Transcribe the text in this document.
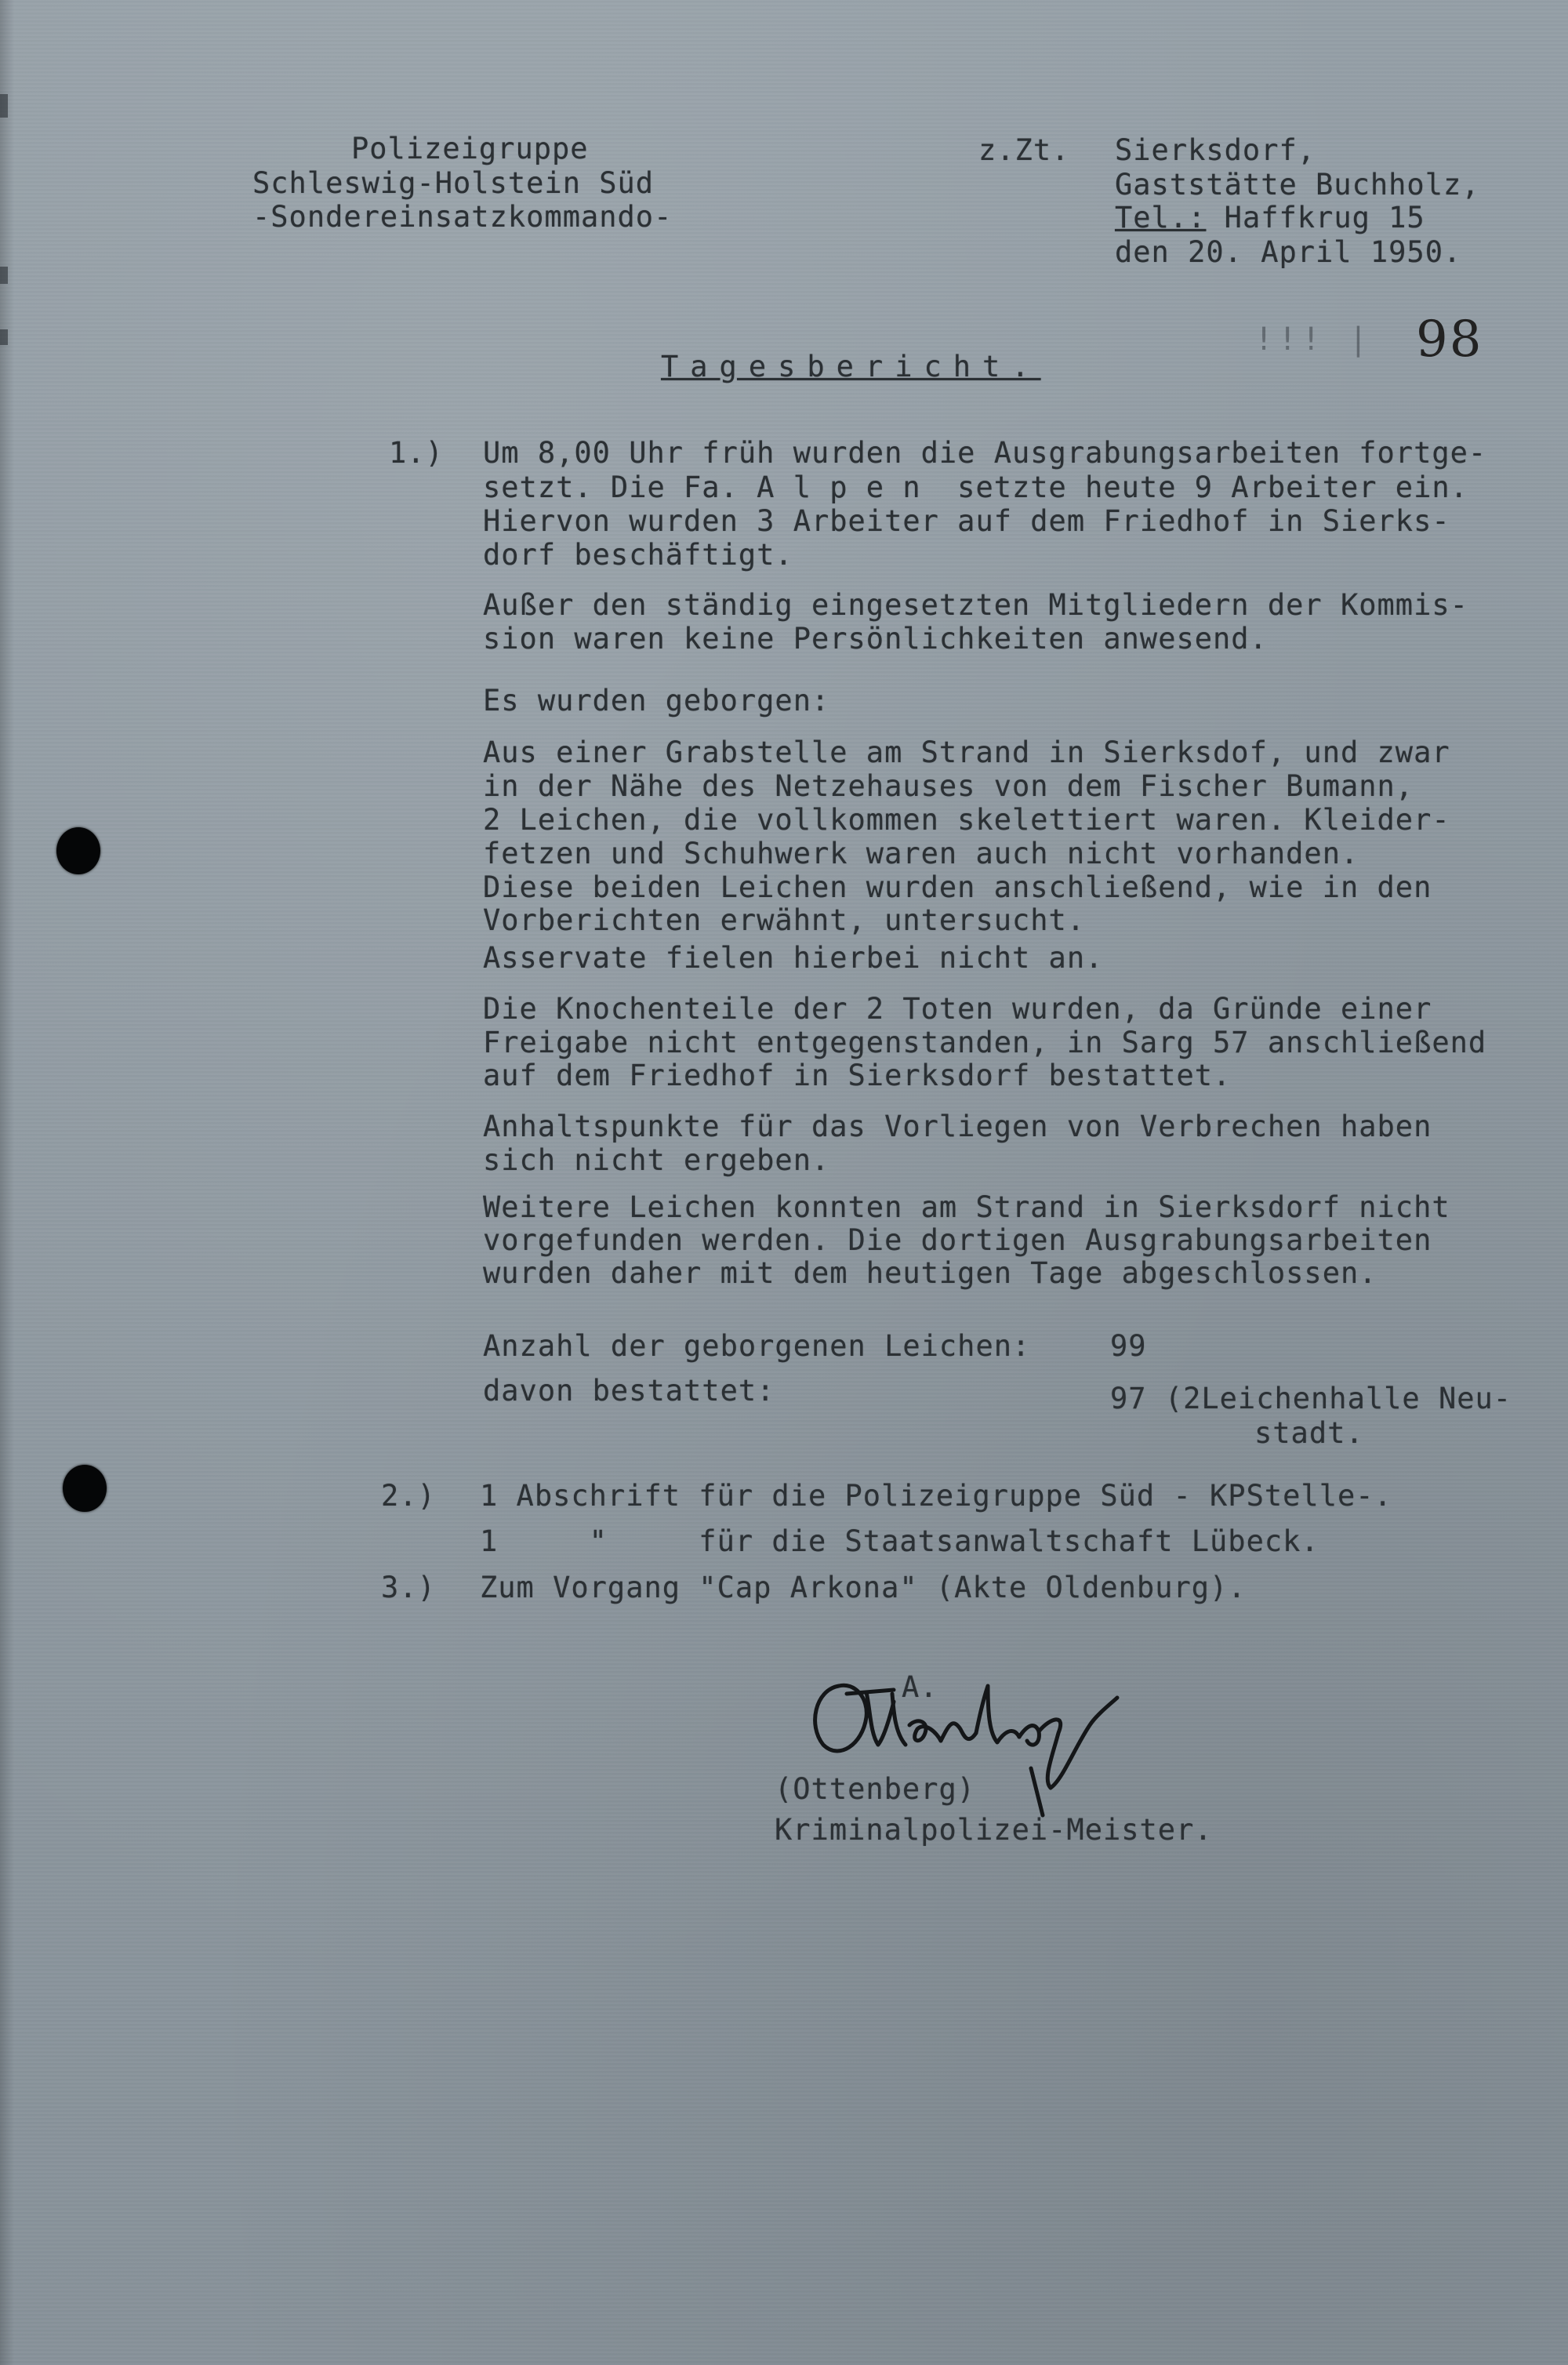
Polizeigruppe
Schleswig-Holstein Süd
-Sondereinsatzkommando-
z.Zt. Sierksdorf,
Gaststätte Buchholz,
Tel.: Haffkrug 15
den 20. April 1950.
!!! | 98
Tagesbericht.
1.) Um 8,00 Uhr früh wurden die Ausgrabungsarbeiten fortge-
setzt. Die Fa. A l p e n  setzte heute 9 Arbeiter ein.
Hiervon wurden 3 Arbeiter auf dem Friedhof in Sierks-
dorf beschäftigt.
Außer den ständig eingesetzten Mitgliedern der Kommis-
sion waren keine Persönlichkeiten anwesend.
Es wurden geborgen:
Aus einer Grabstelle am Strand in Sierksdof, und zwar
in der Nähe des Netzehauses von dem Fischer Bumann,
2 Leichen, die vollkommen skelettiert waren. Kleider-
fetzen und Schuhwerk waren auch nicht vorhanden.
Diese beiden Leichen wurden anschließend, wie in den
Vorberichten erwähnt, untersucht.
Asservate fielen hierbei nicht an.
Die Knochenteile der 2 Toten wurden, da Gründe einer
Freigabe nicht entgegenstanden, in Sarg 57 anschließend
auf dem Friedhof in Sierksdorf bestattet.
Anhaltspunkte für das Vorliegen von Verbrechen haben
sich nicht ergeben.
Weitere Leichen konnten am Strand in Sierksdorf nicht
vorgefunden werden. Die dortigen Ausgrabungsarbeiten
wurden daher mit dem heutigen Tage abgeschlossen.
Anzahl der geborgenen Leichen:	99
davon bestattet:	97 (2Leichenhalle Neu-
stadt.
2.) 1 Abschrift für die Polizeigruppe Süd - KPStelle-.
1     "     für die Staatsanwaltschaft Lübeck.
3.) Zum Vorgang "Cap Arkona" (Akte Oldenburg).
A.
(Ottenberg)
Kriminalpolizei-Meister.
